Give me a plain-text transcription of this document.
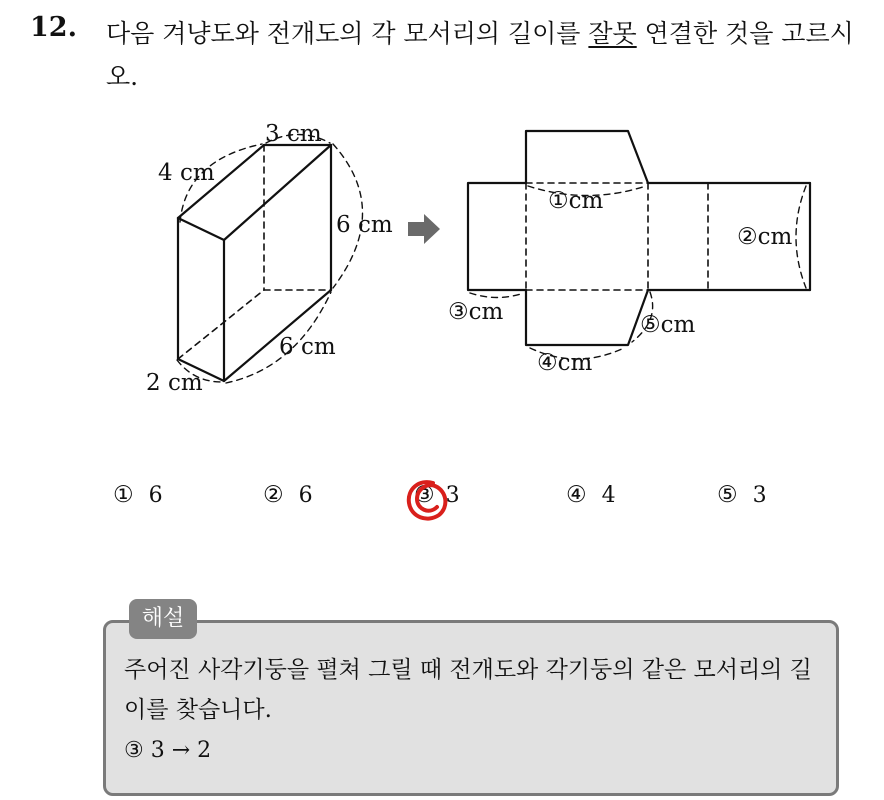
12. 다음 겨냥도와 전개도의 각 모서리의 길이를 잘못 연결한 것을 고르시오.

3 cm
4 cm
6 cm
6 cm
2 cm
①cm
②cm
③cm
④cm
⑤cm
① 6	② 6	③ 3	④ 4	⑤ 3
해설

주어진 사각기둥을 펼쳐 그릴 때 전개도와 각기둥의 같은 모서리의 길이를 찾습니다.

③ 3 → 2
